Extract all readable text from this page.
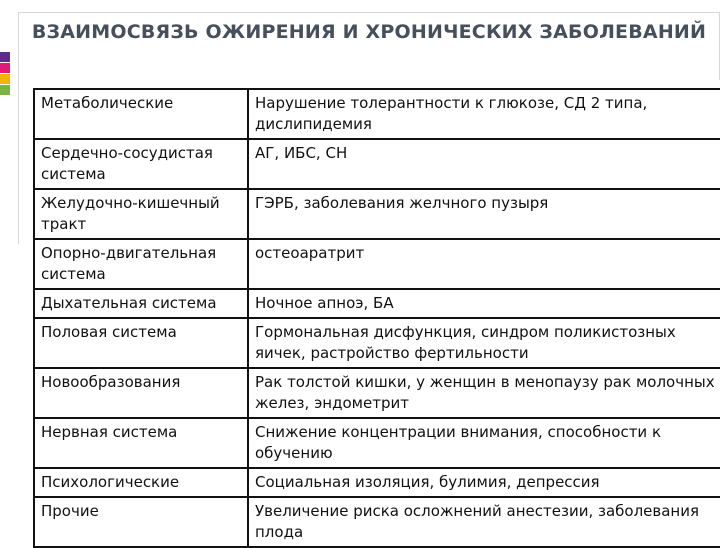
ВЗАИМОСВЯЗЬ ОЖИРЕНИЯ И ХРОНИЧЕСКИХ ЗАБОЛЕВАНИЙ
Метаболические	Нарушение толерантности к глюкозе, СД 2 типа, дислипидемия
Сердечно-сосудистая система	АГ, ИБС, СН
Желудочно-кишечный тракт	ГЭРБ, заболевания желчного пузыря
Опорно-двигательная система	остеоаратрит
Дыхательная система	Ночное апноэ, БА
Половая система	Гормональная дисфункция, синдром поликистозных яичек, растройство фертильности
Новообразования	Рак толстой кишки, у женщин в менопаузу рак молочных желез, эндометрит
Нервная система	Снижение концентрации внимания, способности к обучению
Психологические	Социальная изоляция, булимия, депрессия
Прочие	Увеличение риска осложнений анестезии, заболевания плода
